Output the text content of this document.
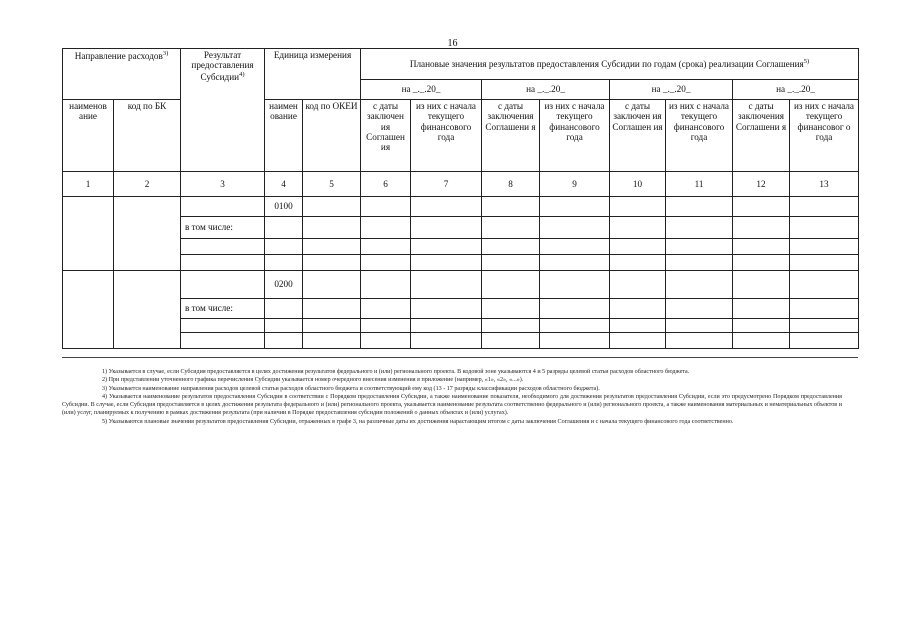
16
Направление расходов$^{3)}$		Результат предоставления Субсидии$^{4)}$	Единица измерения		Плановые значения результатов предоставления Субсидии по годам (срока) реализации Соглашения$^{5)}$
					на _._.20_		на _._.20_		на _._.20_		на _._.20_		
наименов ание	код по БК		наимен ование	код по ОКЕИ	с даты заключен ия Соглашен ия	из них с начала текущего финансового года	с даты заключения Соглашени я	из них с начала текущего финансового года	с даты заключен ия Соглашен ия	из них с начала текущего финансового года	с даты заключения Соглашени я	из них с начала текущего финансовог о года	
1	2	3	4	5	6	7	8	9	10	11	12	13	
			0100										
		в том числе:											

			0200										
		в том числе:											

1) Указывается в случае, если Субсидия предоставляется в целях достижения результатов федерального и (или) регионального проекта. В кодовой зоне указываются 4 и 5 разряды целевой статьи расходов областного бюджета.

2) При представлении уточненного графика перечисления Субсидии указывается номер очередного внесения изменения в приложение (например, «1», «2», «...»).

3) Указывается наименование направления расходов целевой статьи расходов областного бюджета и соответствующий ему код (13 - 17 разряды классификации расходов областного бюджета).

4) Указывается наименование результатов предоставления Субсидии в соответствии с Порядком предоставления Субсидии, а также наименование показателя, необходимого для достижения результатов предоставления Субсидии, если это предусмотрено Порядком предоставления Субсидии. В случае, если Субсидия предоставляется в целях достижения результата федерального и (или) регионального проекта, указывается наименование результата соответственно федерального и (или) регионального проекта, а также наименования материальных и нематериальных объектов и (или) услуг, планируемых к получению в рамках достижения результата (при наличии в Порядке предоставления субсидии положений о данных объектах и (или) услугах).

5) Указываются плановые значения результатов предоставления Субсидии, отраженных в графе 3, на различные даты их достижения нарастающим итогом с даты заключения Соглашения и с начала текущего финансового года соответственно.
